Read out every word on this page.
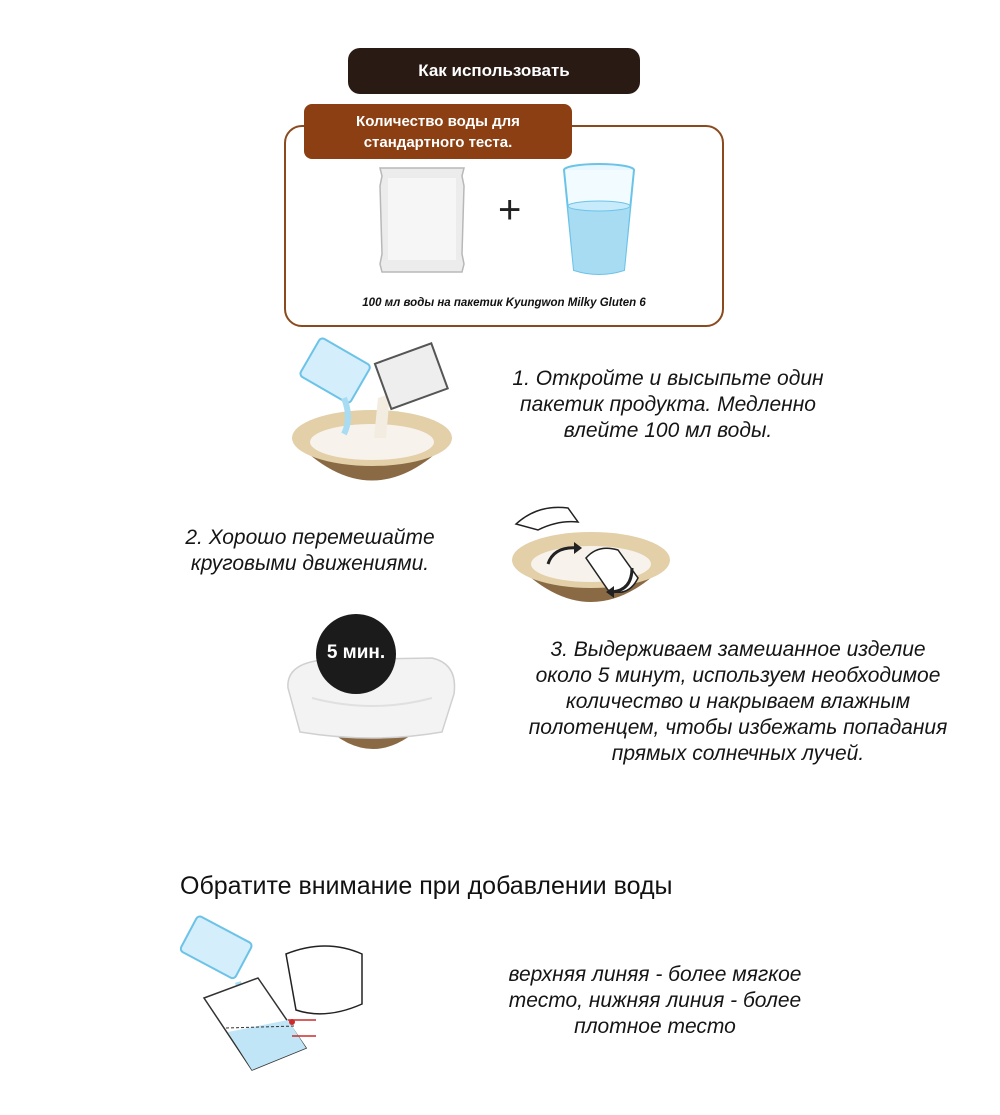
Как использовать
Количество воды для
стандартного теста.
+
100 мл воды на пакетик Kyungwon Milky Gluten 6
1. Откройте и высыпьте один
пакетик продукта. Медленно
влейте 100 мл воды.
2. Хорошо перемешайте
круговыми движениями.
5 мин.	3. Выдерживаем замешанное изделие
около 5 минут, используем необходимое
количество и накрываем влажным
полотенцем, чтобы избежать попадания
прямых солнечных лучей.
Обратите внимание при добавлении воды
верхняя линяя - более мягкое
тесто, нижняя линия - более
плотное тесто
